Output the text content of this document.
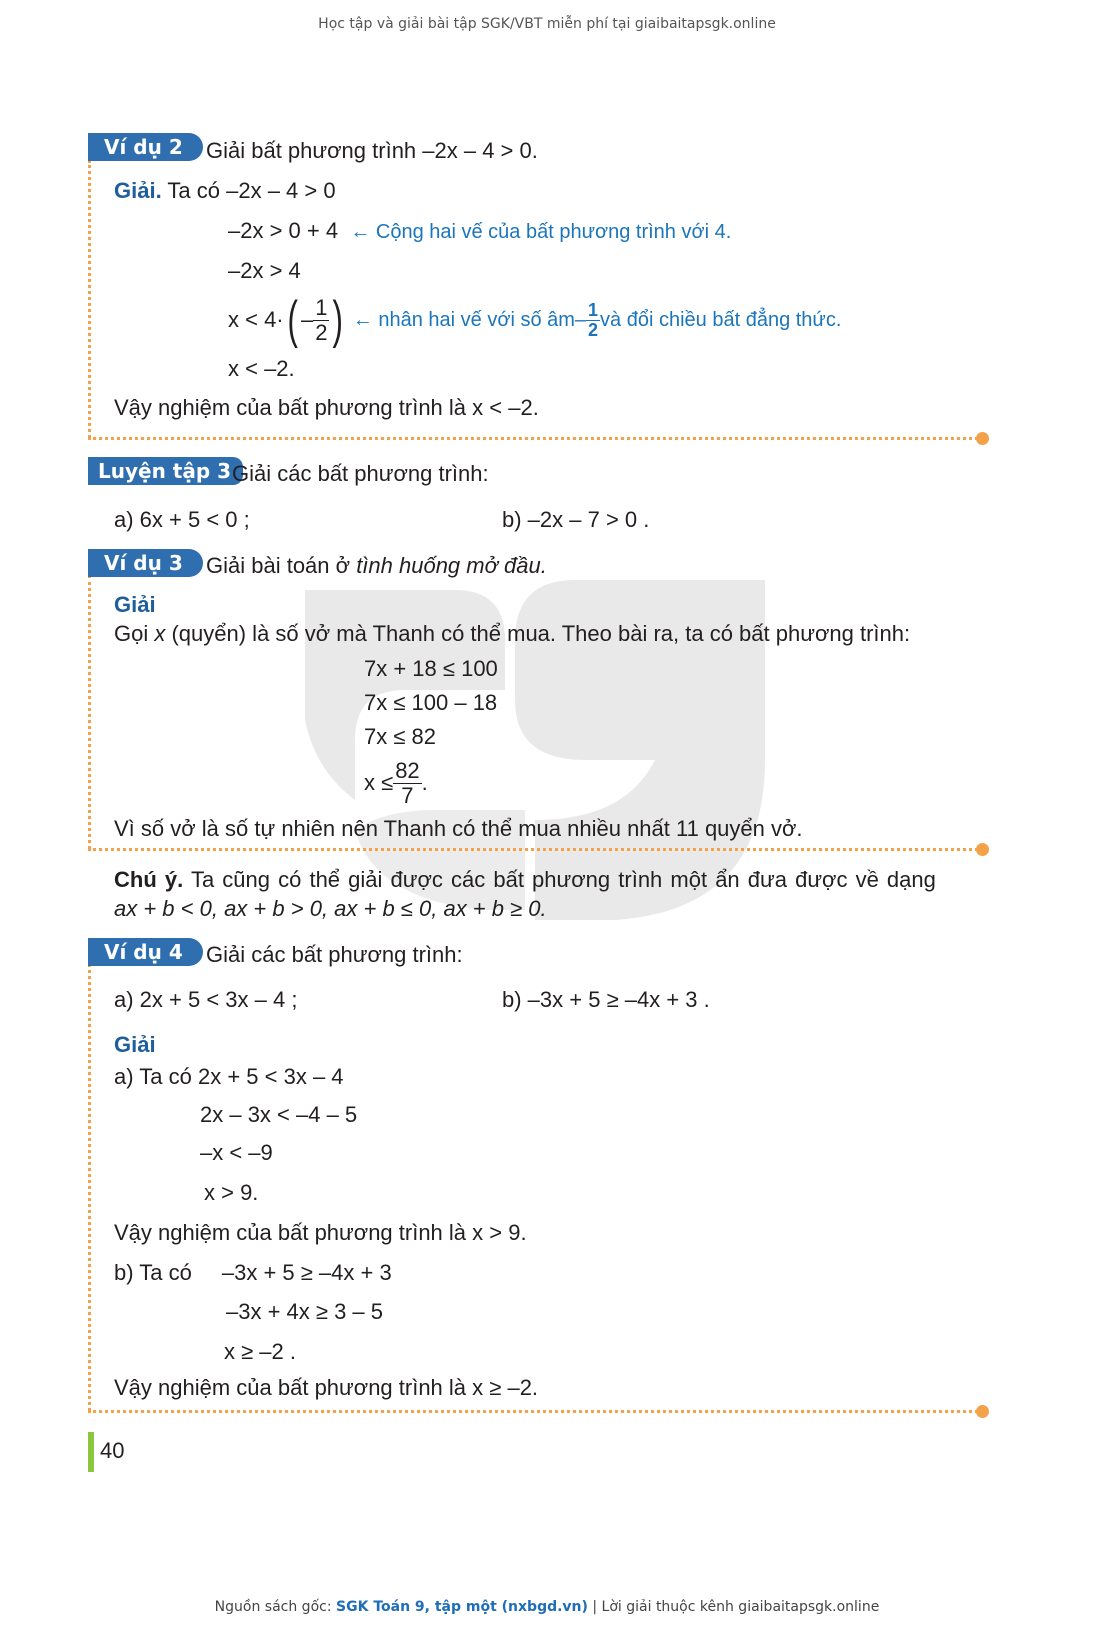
Học tập và giải bài tập SGK/VBT miễn phí tại giaibaitapsgk.online
Ví dụ 2	Giải bất phương trình –2x – 4 > 0.
Giải. Ta có –2x – 4 > 0
–2x > 0 + 4 ← Cộng hai vế của bất phương trình với 4.
–2x > 4
x < 4· ( – $\frac{1}{2}$ ) ← nhân hai vế với số âm – $\frac{1}{2}$ và đổi chiều bất đẳng thức.
x < –2.
Vậy nghiệm của bất phương trình là x < –2.
Luyện tập 3 Giải các bất phương trình:
a) 6x + 5 < 0 ;	b) –2x – 7 > 0 .
Ví dụ 3	Giải bài toán ở tình huống mở đầu.
Giải
Gọi x (quyển) là số vở mà Thanh có thể mua. Theo bài ra, ta có bất phương trình:
7x + 18 ≤ 100
7x ≤ 100 – 18
7x ≤ 82
$x \le \frac{82}{7}$ .
Vì số vở là số tự nhiên nên Thanh có thể mua nhiều nhất 11 quyển vở.
Chú ý. Ta cũng có thể giải được các bất phương trình một ẩn đưa được về dạng
ax + b < 0, ax + b > 0, ax + b ≤ 0, ax + b ≥ 0.
Ví dụ 4	Giải các bất phương trình:
a) 2x + 5 < 3x – 4 ;	b) –3x + 5 ≥ –4x + 3 .
Giải
a) Ta có 2x + 5 < 3x – 4
2x – 3x < –4 – 5
–x < –9
x > 9.
Vậy nghiệm của bất phương trình là x > 9.
b) Ta có –3x + 5 ≥ –4x + 3
–3x + 4x ≥ 3 – 5
x ≥ –2 .
Vậy nghiệm của bất phương trình là x ≥ –2.
40
Nguồn sách gốc: SGK Toán 9, tập một (nxbgd.vn) | Lời giải thuộc kênh giaibaitapsgk.online
